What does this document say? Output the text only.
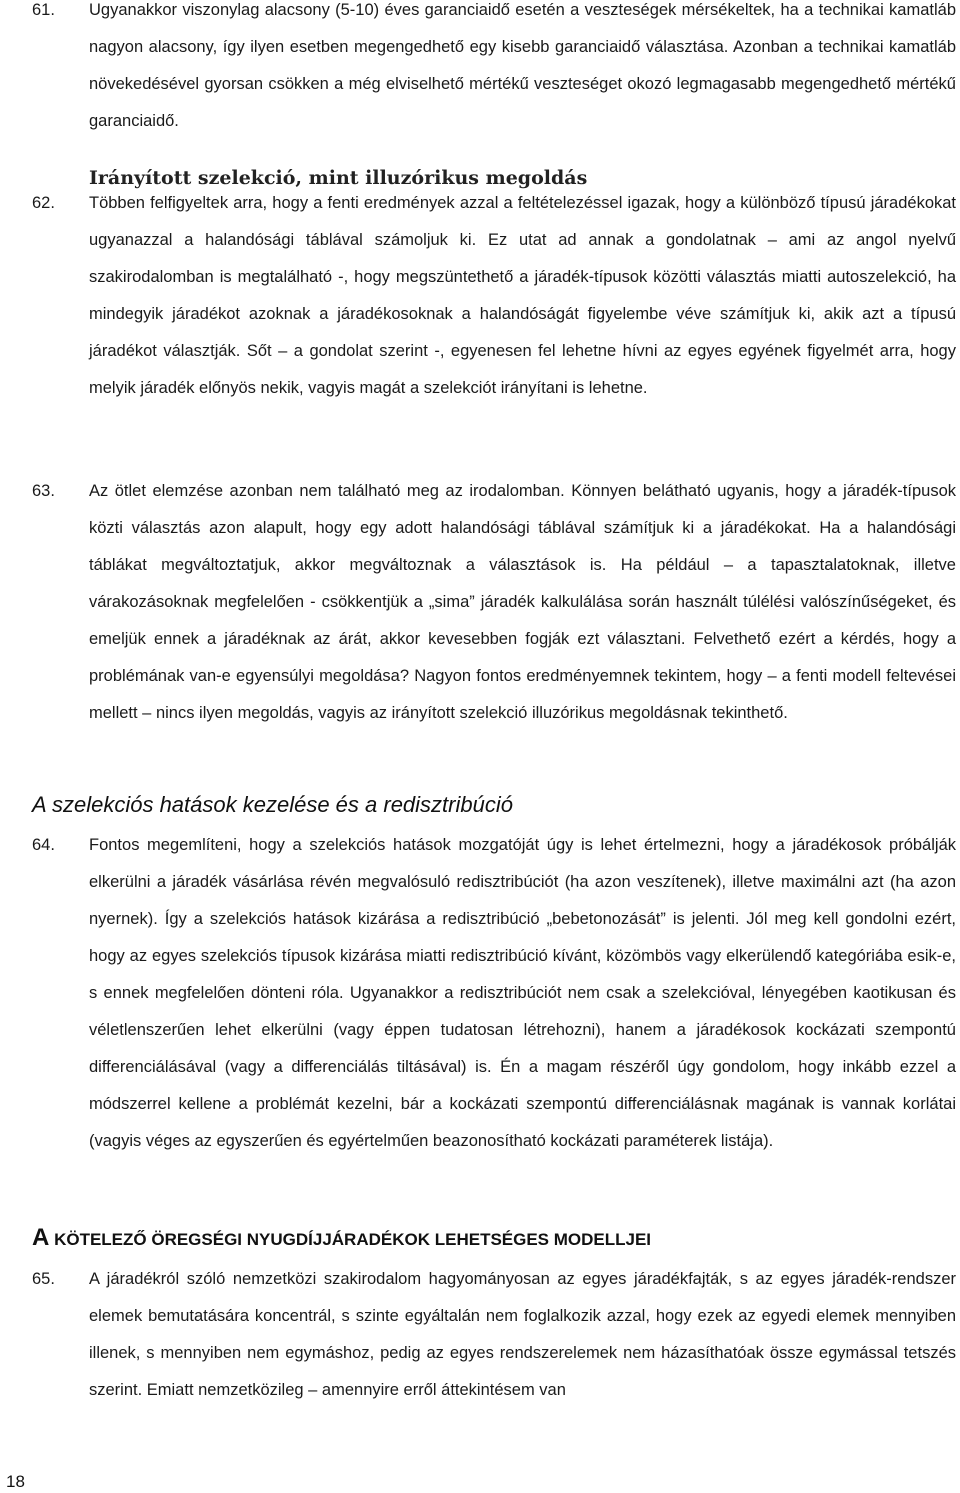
61. Ugyanakkor viszonylag alacsony (5-10) éves garanciaidő esetén a veszteségek mérsékeltek, ha a technikai kamatláb nagyon alacsony, így ilyen esetben megengedhető egy kisebb garanciaidő választása. Azonban a technikai kamatláb növekedésével gyorsan csökken a még elviselhető mértékű veszteséget okozó legmagasabb megengedhető mértékű garanciaidő.
Irányított szelekció, mint illuzórikus megoldás
62. Többen felfigyeltek arra, hogy a fenti eredmények azzal a feltételezéssel igazak, hogy a különböző típusú járadékokat ugyanazzal a halandósági táblával számoljuk ki. Ez utat ad annak a gondolatnak – ami az angol nyelvű szakirodalomban is megtalálható -, hogy megszüntethető a járadék-típusok közötti választás miatti autoszelekció, ha mindegyik járadékot azoknak a járadékosoknak a halandóságát figyelembe véve számítjuk ki, akik azt a típusú járadékot választják. Sőt – a gondolat szerint -, egyenesen fel lehetne hívni az egyes egyének figyelmét arra, hogy melyik járadék előnyös nekik, vagyis magát a szelekciót irányítani is lehetne.
63. Az ötlet elemzése azonban nem található meg az irodalomban. Könnyen belátható ugyanis, hogy a járadék-típusok közti választás azon alapult, hogy egy adott halandósági táblával számítjuk ki a járadékokat. Ha a halandósági táblákat megváltoztatjuk, akkor megváltoznak a választások is. Ha például – a tapasztalatoknak, illetve várakozásoknak megfelelően - csökkentjük a „sima” járadék kalkulálása során használt túlélési valószínűségeket, és emeljük ennek a járadéknak az árát, akkor kevesebben fogják ezt választani. Felvethető ezért a kérdés, hogy a problémának van-e egyensúlyi megoldása? Nagyon fontos eredményemnek tekintem, hogy – a fenti modell feltevései mellett – nincs ilyen megoldás, vagyis az irányított szelekció illuzórikus megoldásnak tekinthető.
A szelekciós hatások kezelése és a redisztribúció
64. Fontos megemlíteni, hogy a szelekciós hatások mozgatóját úgy is lehet értelmezni, hogy a járadékosok próbálják elkerülni a járadék vásárlása révén megvalósuló redisztribúciót (ha azon veszítenek), illetve maximálni azt (ha azon nyernek). Így a szelekciós hatások kizárása a redisztribúció „bebetonozását” is jelenti. Jól meg kell gondolni ezért, hogy az egyes szelekciós típusok kizárása miatti redisztribúció kívánt, közömbös vagy elkerülendő kategóriába esik-e, s ennek megfelelően dönteni róla. Ugyanakkor a redisztribúciót nem csak a szelekcióval, lényegében kaotikusan és véletlenszerűen lehet elkerülni (vagy éppen tudatosan létrehozni), hanem a járadékosok kockázati szempontú differenciálásával (vagy a differenciálás tiltásával) is. Én a magam részéről úgy gondolom, hogy inkább ezzel a módszerrel kellene a problémát kezelni, bár a kockázati szempontú differenciálásnak magának is vannak korlátai (vagyis véges az egyszerűen és egyértelműen beazonosítható kockázati paraméterek listája).
A KÖTELEZŐ ÖREGSÉGI NYUGDÍJJÁRADÉKOK LEHETSÉGES MODELLJEI
65. A járadékról szóló nemzetközi szakirodalom hagyományosan az egyes járadékfajták, s az egyes járadék-rendszer elemek bemutatására koncentrál, s szinte egyáltalán nem foglalkozik azzal, hogy ezek az egyedi elemek mennyiben illenek, s mennyiben nem egymáshoz, pedig az egyes rendszerelemek nem házasíthatóak össze egymással tetszés szerint. Emiatt nemzetközileg – amennyire erről áttekintésem van
18
